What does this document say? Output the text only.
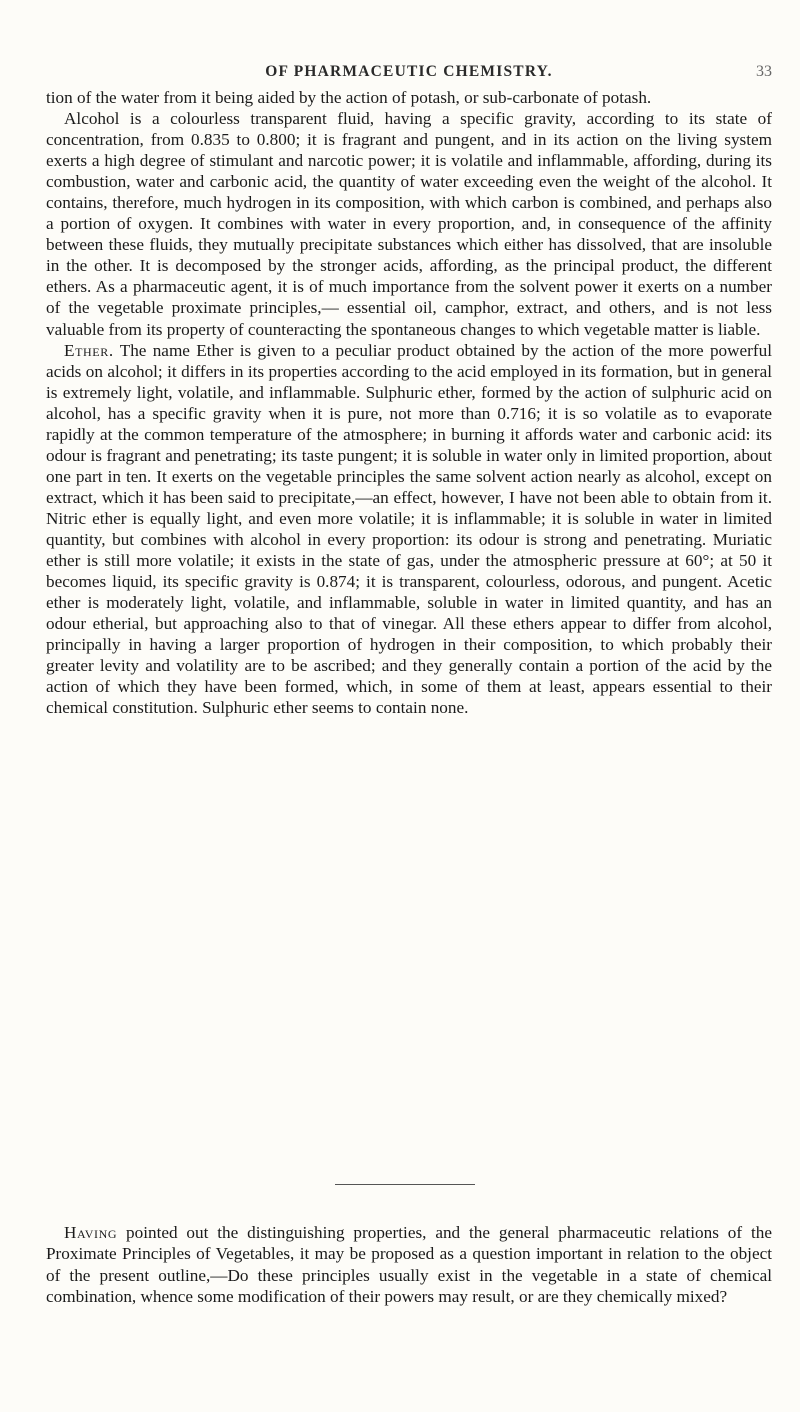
OF PHARMACEUTIC CHEMISTRY.	33

tion of the water from it being aided by the action of potash, or sub-carbonate of potash.

Alcohol is a colourless transparent fluid, having a specific gravity, according to its state of concentration, from 0.835 to 0.800; it is fragrant and pungent, and in its action on the living system exerts a high degree of stimulant and narcotic power; it is volatile and inflammable, affording, during its combustion, water and carbonic acid, the quantity of water exceeding even the weight of the alcohol. It contains, therefore, much hydrogen in its composition, with which carbon is combined, and perhaps also a portion of oxygen. It combines with water in every proportion, and, in consequence of the affinity between these fluids, they mutually precipitate substances which either has dissolved, that are insoluble in the other. It is decomposed by the stronger acids, affording, as the principal product, the different ethers. As a pharmaceutic agent, it is of much importance from the solvent power it exerts on a number of the vegetable proximate principles,— essential oil, camphor, extract, and others, and is not less valuable from its property of counteracting the spontaneous changes to which vegetable matter is liable.

Ether. The name Ether is given to a peculiar product obtained by the action of the more powerful acids on alcohol; it differs in its properties according to the acid employed in its formation, but in general is extremely light, volatile, and inflammable. Sulphuric ether, formed by the action of sulphuric acid on alcohol, has a specific gravity when it is pure, not more than 0.716; it is so volatile as to evaporate rapidly at the common temperature of the atmosphere; in burning it affords water and carbonic acid: its odour is fragrant and penetrating; its taste pungent; it is soluble in water only in limited proportion, about one part in ten. It exerts on the vegetable principles the same solvent action nearly as alcohol, except on extract, which it has been said to precipitate,—an effect, however, I have not been able to obtain from it. Nitric ether is equally light, and even more volatile; it is inflammable; it is soluble in water in limited quantity, but combines with alcohol in every proportion: its odour is strong and penetrating. Muriatic ether is still more volatile; it exists in the state of gas, under the atmospheric pressure at 60°; at 50 it becomes liquid, its specific gravity is 0.874; it is transparent, colourless, odorous, and pungent. Acetic ether is moderately light, volatile, and inflammable, soluble in water in limited quantity, and has an odour etherial, but approaching also to that of vinegar. All these ethers appear to differ from alcohol, principally in having a larger proportion of hydrogen in their composition, to which probably their greater levity and volatility are to be ascribed; and they generally contain a portion of the acid by the action of which they have been formed, which, in some of them at least, appears essential to their chemical constitution. Sulphuric ether seems to contain none.

Having pointed out the distinguishing properties, and the general pharmaceutic relations of the Proximate Principles of Vegetables, it may be proposed as a question important in relation to the object of the present outline,—Do these principles usually exist in the vegetable in a state of chemical combination, whence some modification of their powers may result, or are they chemically mixed?
